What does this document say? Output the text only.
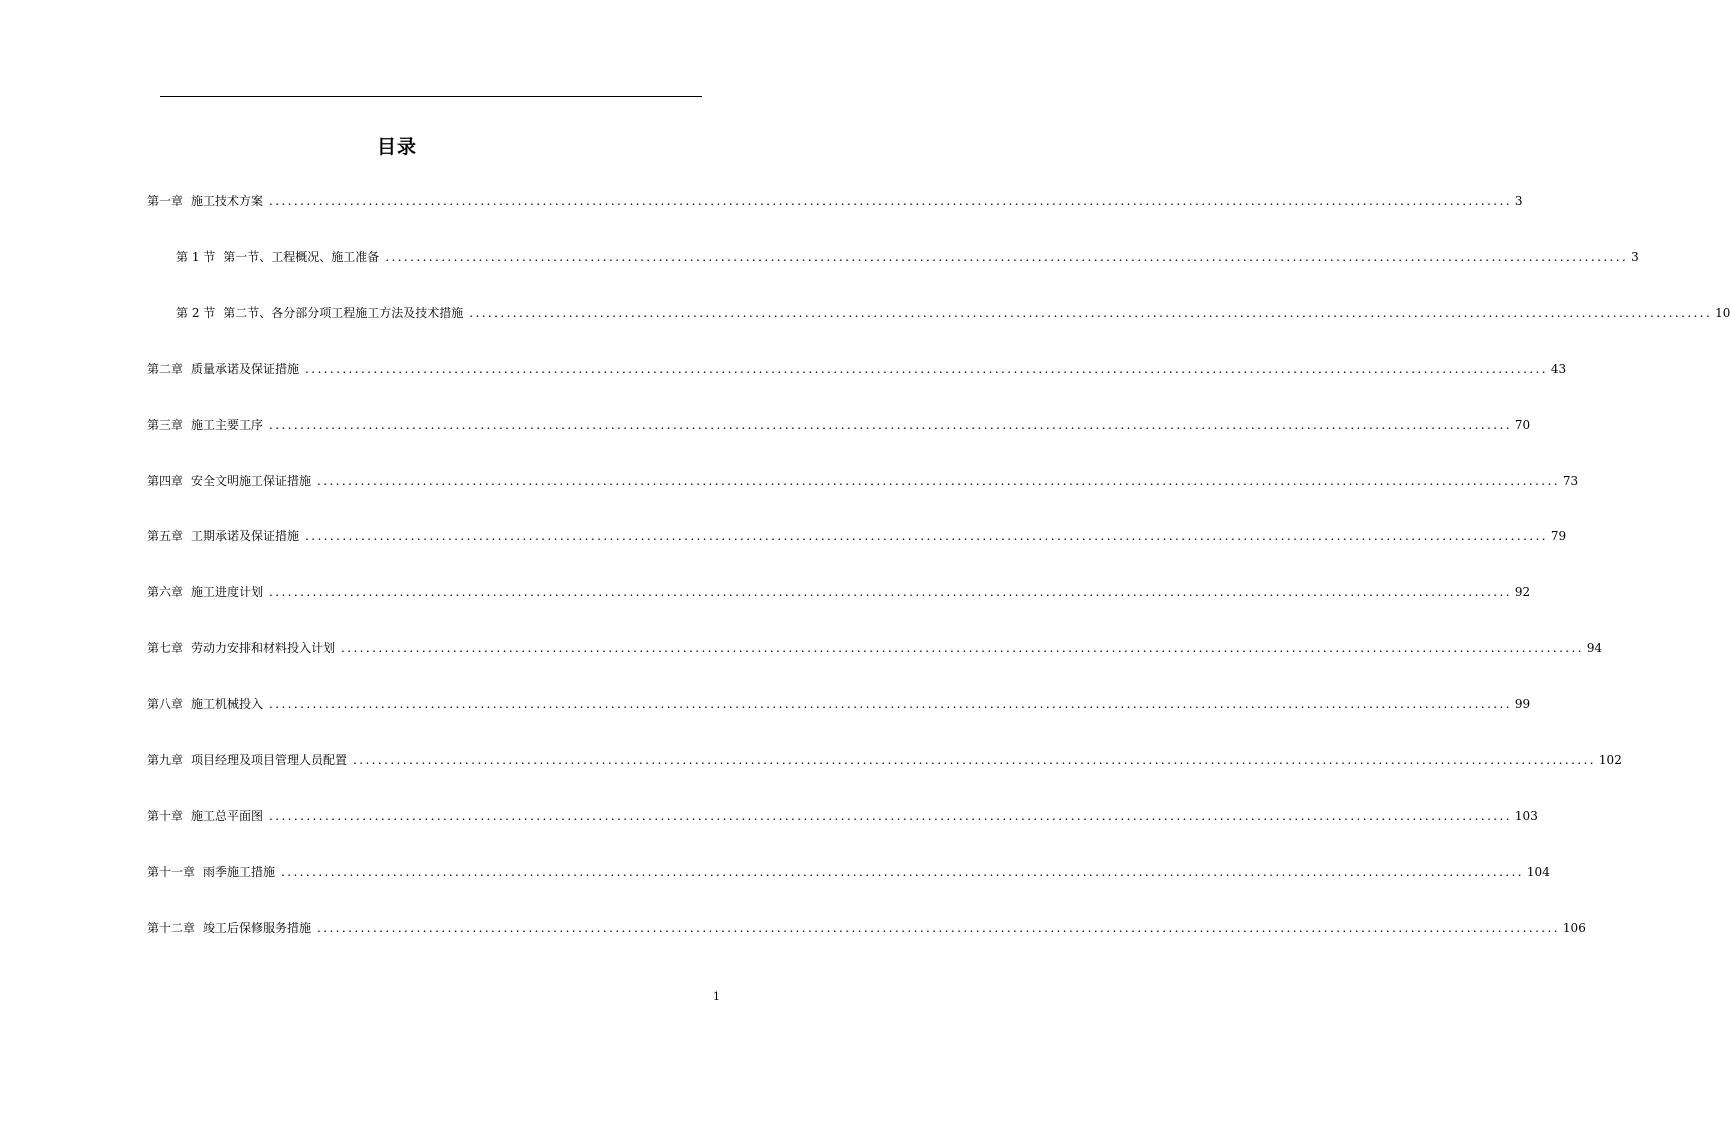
目录
第一章 施工技术方案 ........................................................................................................................................................................................................ 3
第 1 节 第一节、工程概况、施工准备 ........................................................................................................................................................................................................ 3
第 2 节 第二节、各分部分项工程施工方法及技术措施 ........................................................................................................................................................................................................ 10
第二章 质量承诺及保证措施 ........................................................................................................................................................................................................ 43
第三章 施工主要工序 ........................................................................................................................................................................................................ 70
第四章 安全文明施工保证措施 ........................................................................................................................................................................................................ 73
第五章 工期承诺及保证措施 ........................................................................................................................................................................................................ 79
第六章 施工进度计划 ........................................................................................................................................................................................................ 92
第七章 劳动力安排和材料投入计划 ........................................................................................................................................................................................................ 94
第八章 施工机械投入 ........................................................................................................................................................................................................ 99
第九章 项目经理及项目管理人员配置 ........................................................................................................................................................................................................ 102
第十章 施工总平面图 ........................................................................................................................................................................................................ 103
第十一章 雨季施工措施 ........................................................................................................................................................................................................ 104
第十二章 竣工后保修服务措施 ........................................................................................................................................................................................................ 106
1
